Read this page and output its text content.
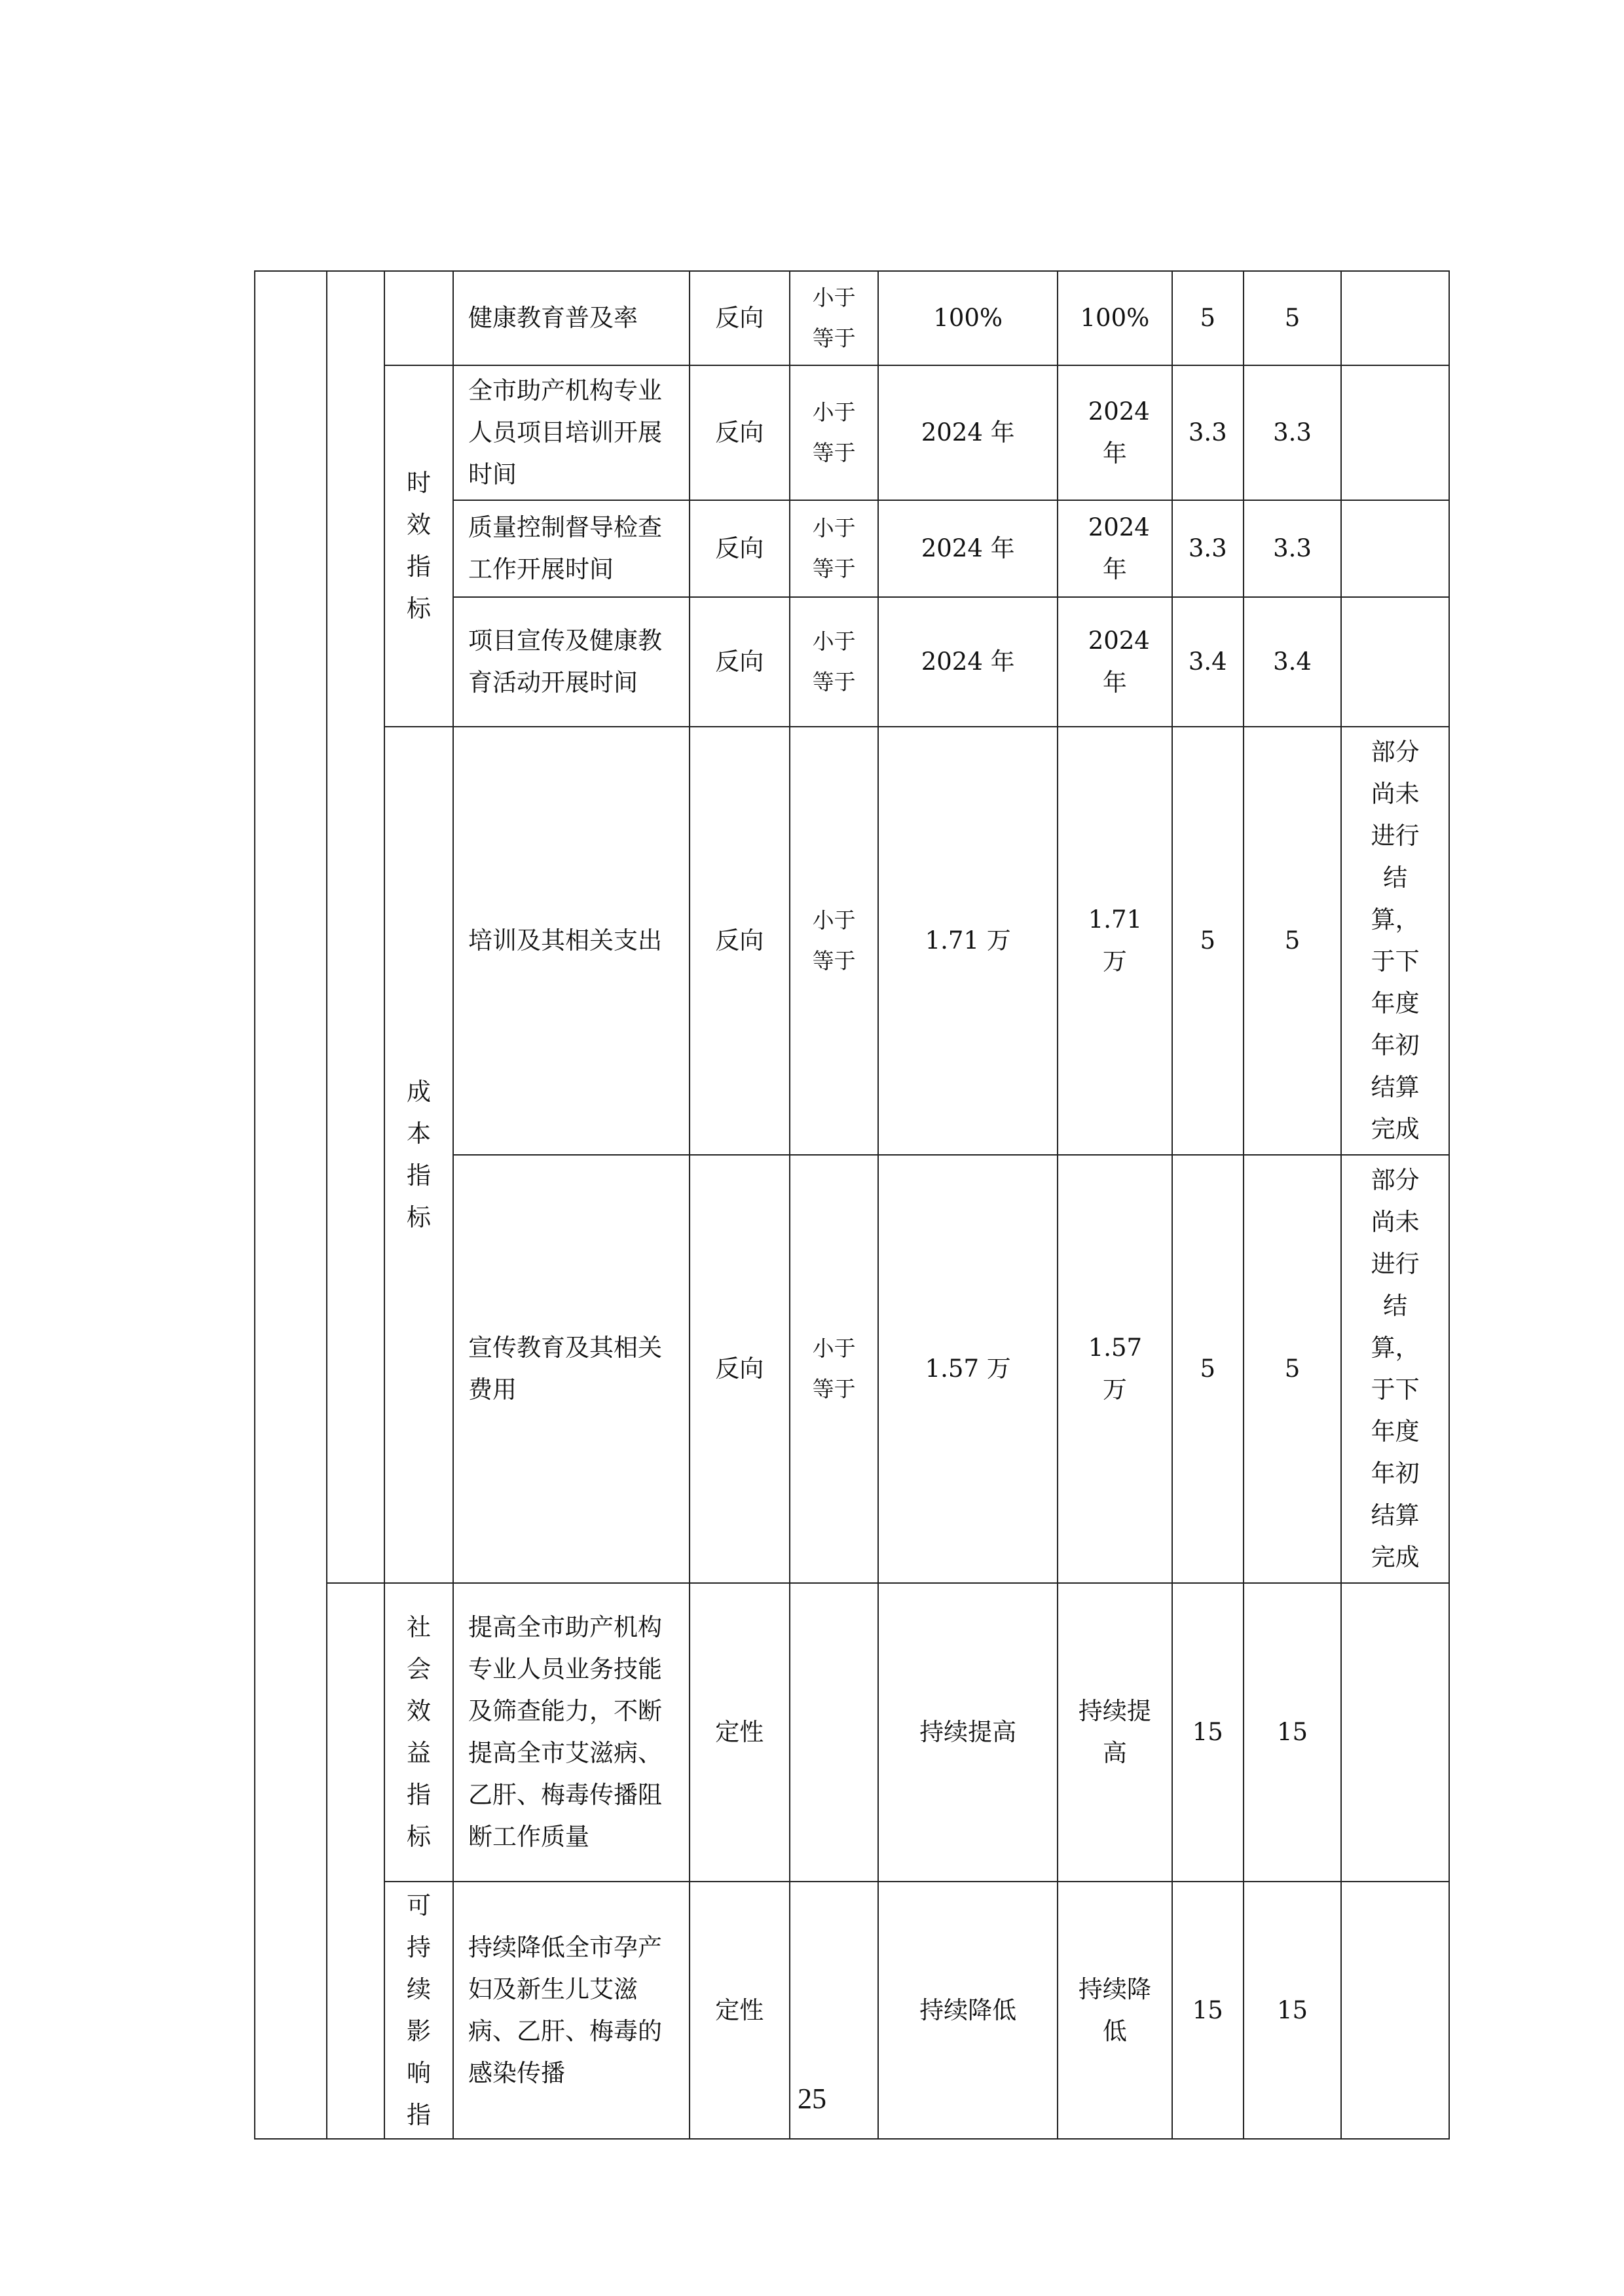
			健康教育普及率	反向	小于等于	100%	100%	5	5	
		时效指标	全市助产机构专业人员项目培训开展时间	反向	小于等于	2024 年	2024 年	3.3	3.3	

			质量控制督导检查工作开展时间	反向	小于等于	2024 年	2024 年	3.3	3.3	

			项目宣传及健康教育活动开展时间	反向	小于等于	2024 年	2024 年	3.4	3.4	
		成本指标	培训及其相关支出	反向	小于等于	1.71 万	1.71 万	5	5	部分尚未进行结算，于下年度年初结算完成

			宣传教育及其相关费用	反向	小于等于	1.57 万	1.57 万	5	5	部分尚未进行结算，于下年度年初结算完成
		社会效益指标	提高全市助产机构专业人员业务技能及筛查能力，不断提高全市艾滋病、乙肝、梅毒传播阻断工作质量	定性		持续提高	持续提高	15	15	
		可持续影响指	持续降低全市孕产妇及新生儿艾滋病、乙肝、梅毒的感染传播	定性		持续降低	持续降低	15	15	
25
